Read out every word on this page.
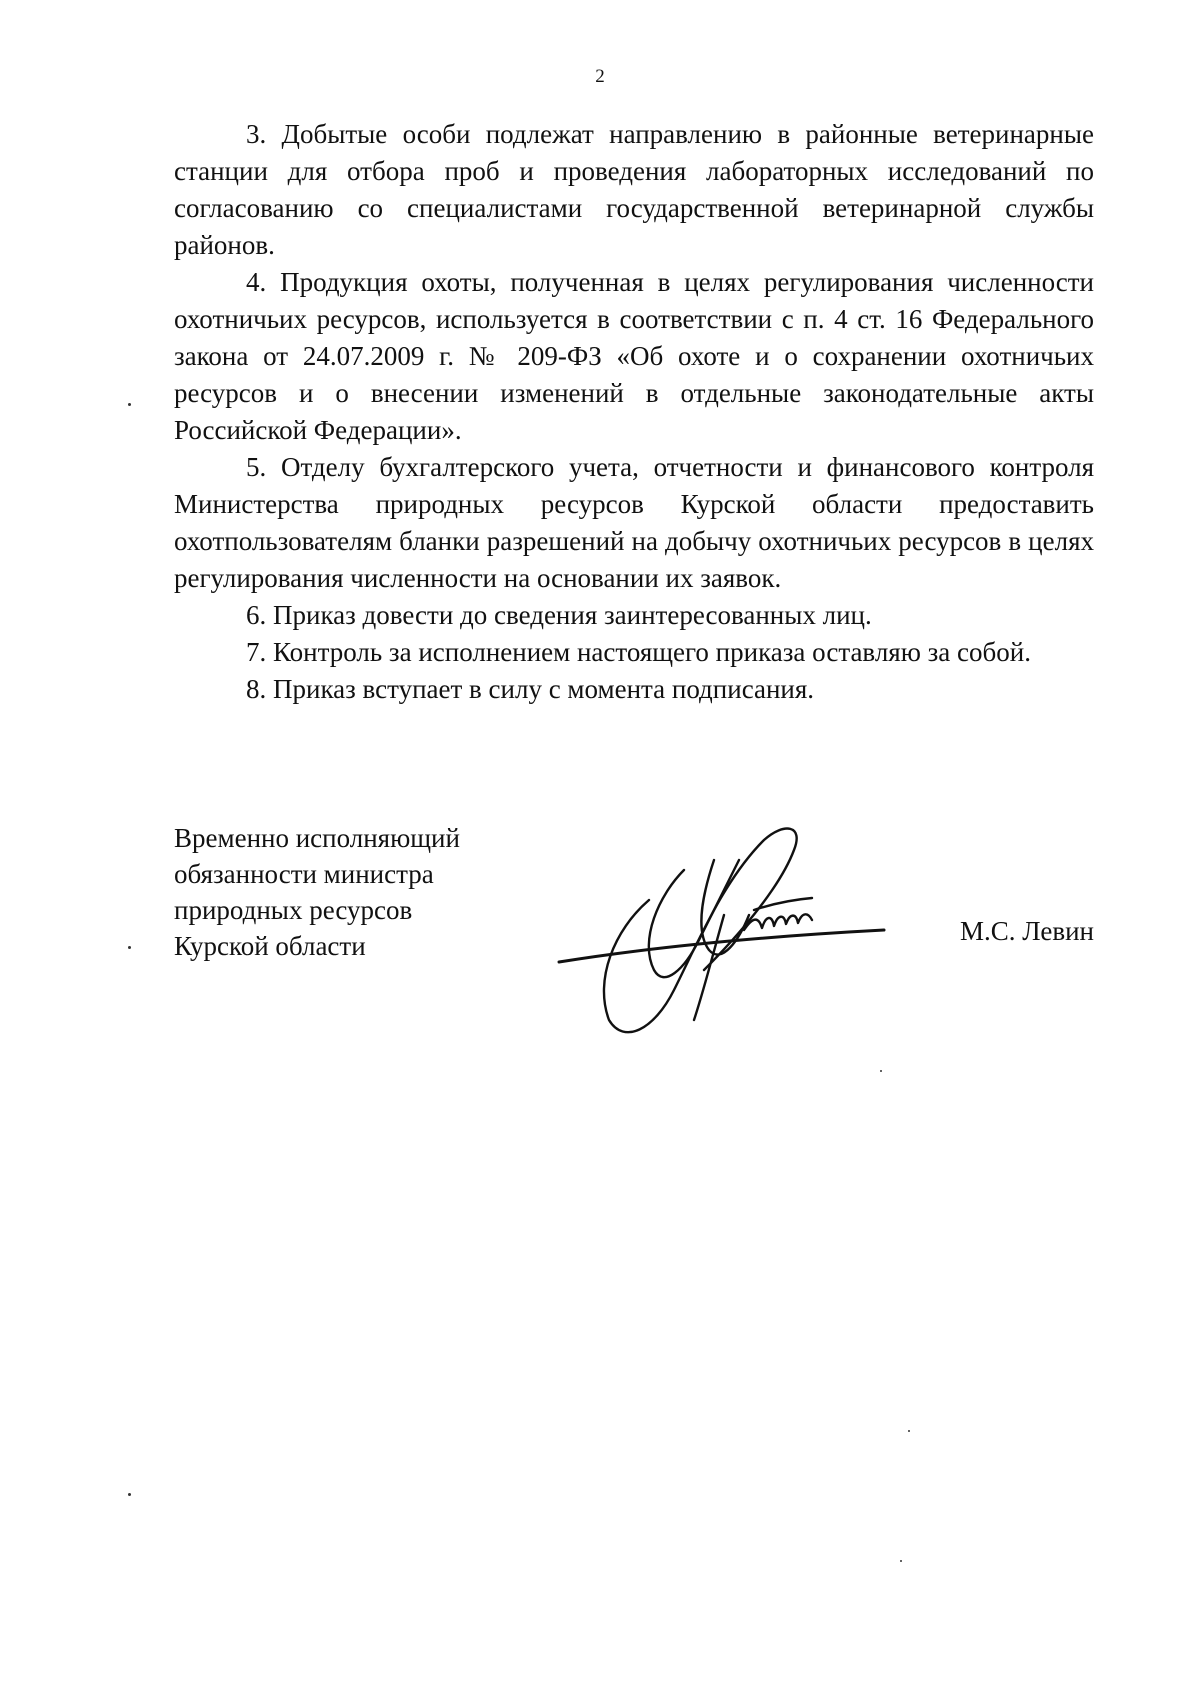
2

3. Добытые особи подлежат направлению в районные ветеринарные станции для отбора проб и проведения лабораторных исследований по согласованию со специалистами государственной ветеринарной службы районов.

4. Продукция охоты, полученная в целях регулирования численности охотничьих ресурсов, используется в соответствии с п. 4 ст. 16 Федерального закона от 24.07.2009 г. № 209-ФЗ «Об охоте и о сохранении охотничьих ресурсов и о внесении изменений в отдельные законодательные акты Российской Федерации».

5. Отделу бухгалтерского учета, отчетности и финансового контроля Министерства природных ресурсов Курской области предоставить охотпользователям бланки разрешений на добычу охотничьих ресурсов в целях регулирования численности на основании их заявок.

6. Приказ довести до сведения заинтересованных лиц.

7. Контроль за исполнением настоящего приказа оставляю за собой.

8. Приказ вступает в силу с момента подписания.

Временно исполняющий
обязанности министра
природных ресурсов
Курской области	М.С. Левин
